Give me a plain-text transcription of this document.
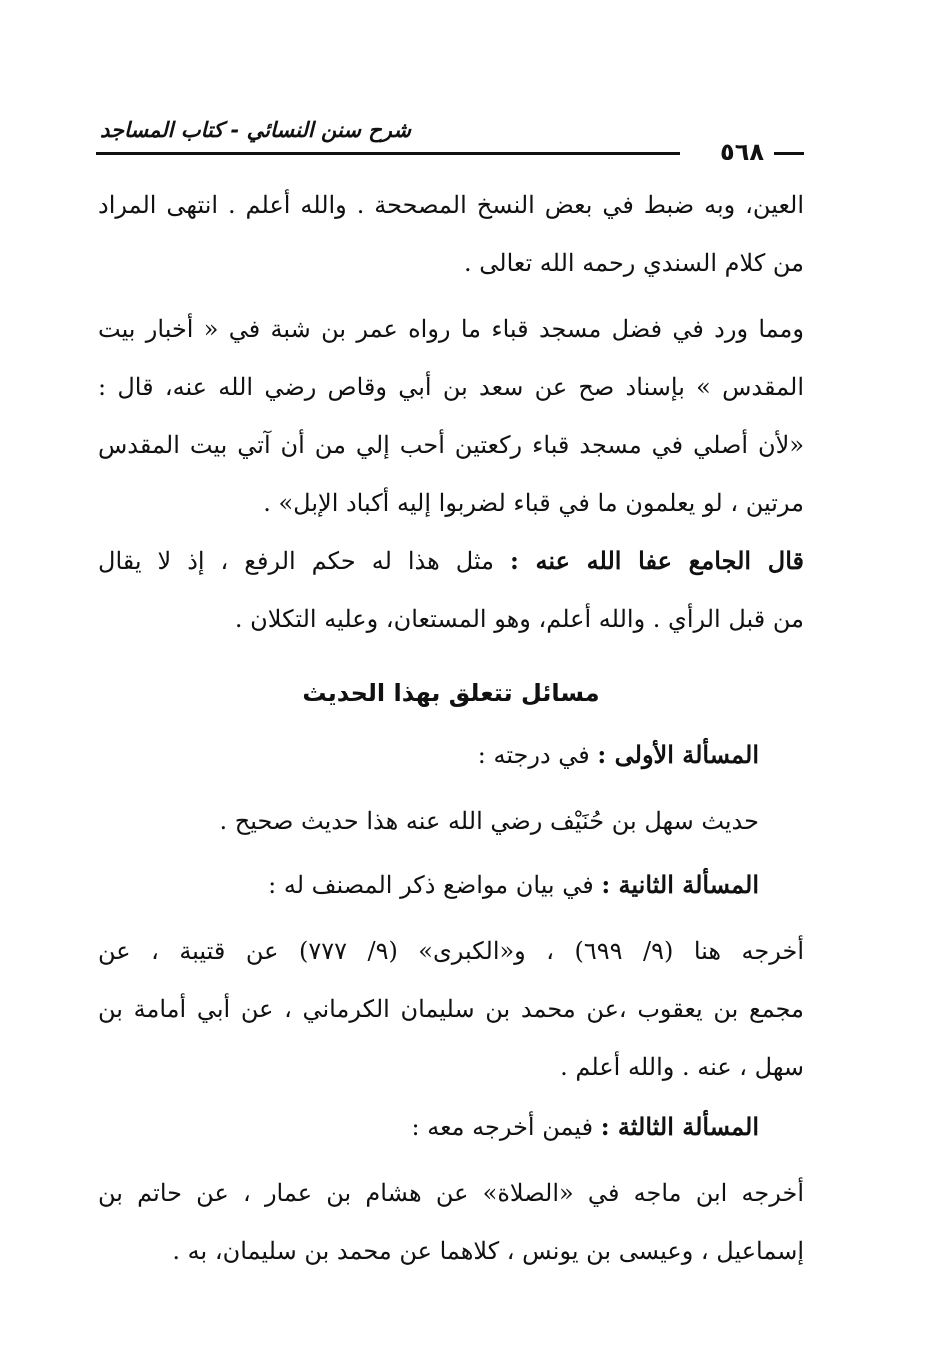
شرح سنن النسائي - كتاب المساجد
٥٦٨
العين، وبه ضبط في بعض النسخ المصححة . والله أعلم . انتهى المراد
من كلام السندي رحمه الله تعالى .
ومما ورد في فضل مسجد قباء ما رواه عمر بن شبة في « أخبار بيت
المقدس » بإسناد صح عن سعد بن أبي وقاص رضي الله عنه، قال :
«لأن أصلي في مسجد قباء ركعتين أحب إلي من أن آتي بيت المقدس
مرتين ، لو يعلمون ما في قباء لضربوا إليه أكباد الإبل» .
قال الجامع عفا الله عنه : مثل هذا له حكم الرفع ، إذ لا يقال
من قبل الرأي . والله أعلم، وهو المستعان، وعليه التكلان .
مسائل تتعلق بهذا الحديث
المسألة الأولى : في درجته :
حديث سهل بن حُنَيْف رضي الله عنه هذا حديث صحيح .
المسألة الثانية : في بيان مواضع ذكر المصنف له :
أخرجه هنا (٩/ ٦٩٩) ، و«الكبرى» (٩/ ٧٧٧) عن قتيبة ، عن
مجمع بن يعقوب ،عن محمد بن سليمان الكرماني ، عن أبي أمامة بن
سهل ، عنه . والله أعلم .
المسألة الثالثة : فيمن أخرجه معه :
أخرجه ابن ماجه في «الصلاة» عن هشام بن عمار ، عن حاتم بن
إسماعيل ، وعيسى بن يونس ، كلاهما عن محمد بن سليمان، به .
